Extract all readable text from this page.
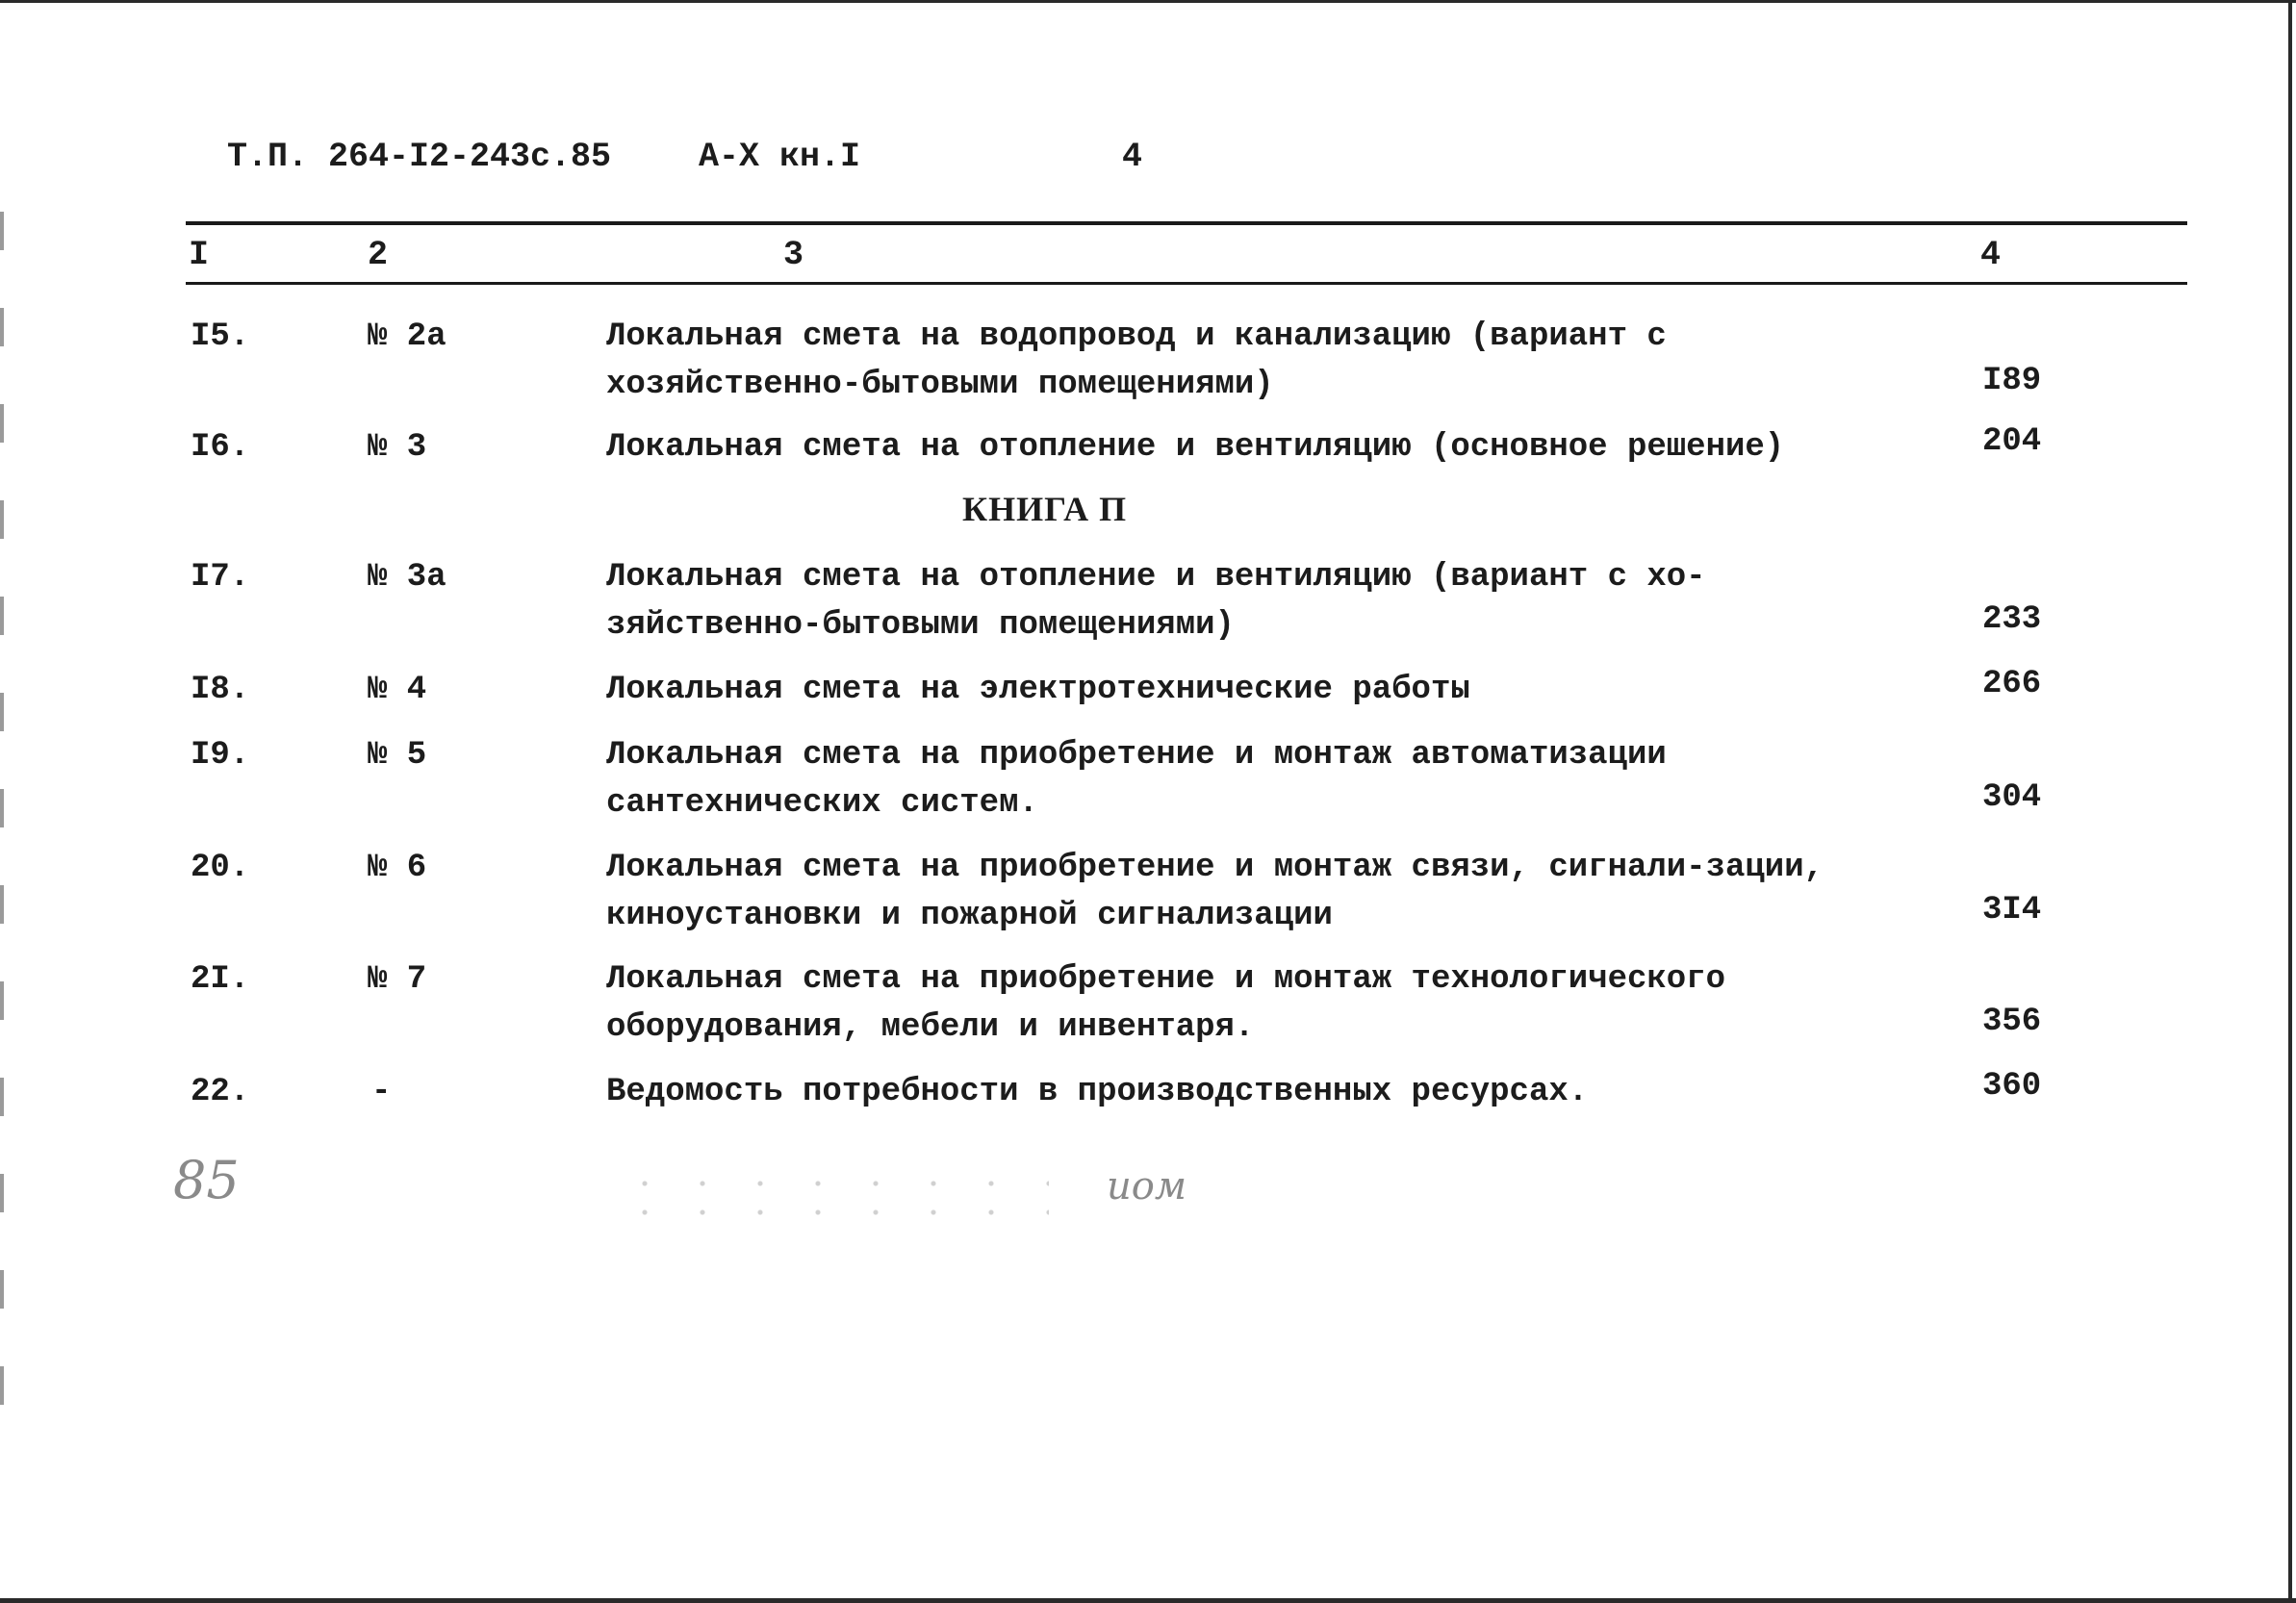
Т.П. 264-I2-243с.85	А-Х кн.I	4
I	2	3	4
I5.	№ 2а	Локальная смета на водопровод и канализацию (вариант с хозяйственно-бытовыми помещениями)	I89
I6.	№ 3	Локальная смета на отопление и вентиляцию (основное решение)	204
КНИГА П
I7.	№ 3а	Локальная смета на отопление и вентиляцию (вариант с хо-зяйственно-бытовыми помещениями)	233
I8.	№ 4	Локальная смета на электротехнические работы	266
I9.	№ 5	Локальная смета на приобретение и монтаж автоматизации сантехнических систем.	304
20.	№ 6	Локальная смета на приобретение и монтаж связи, сигнали-зации, киноустановки и пожарной сигнализации	3I4
2I.	№ 7	Локальная смета на приобретение и монтаж технологического оборудования, мебели и инвентаря.	356
22.	-	Ведомость потребности в производственных ресурсах.	360
85	иом
